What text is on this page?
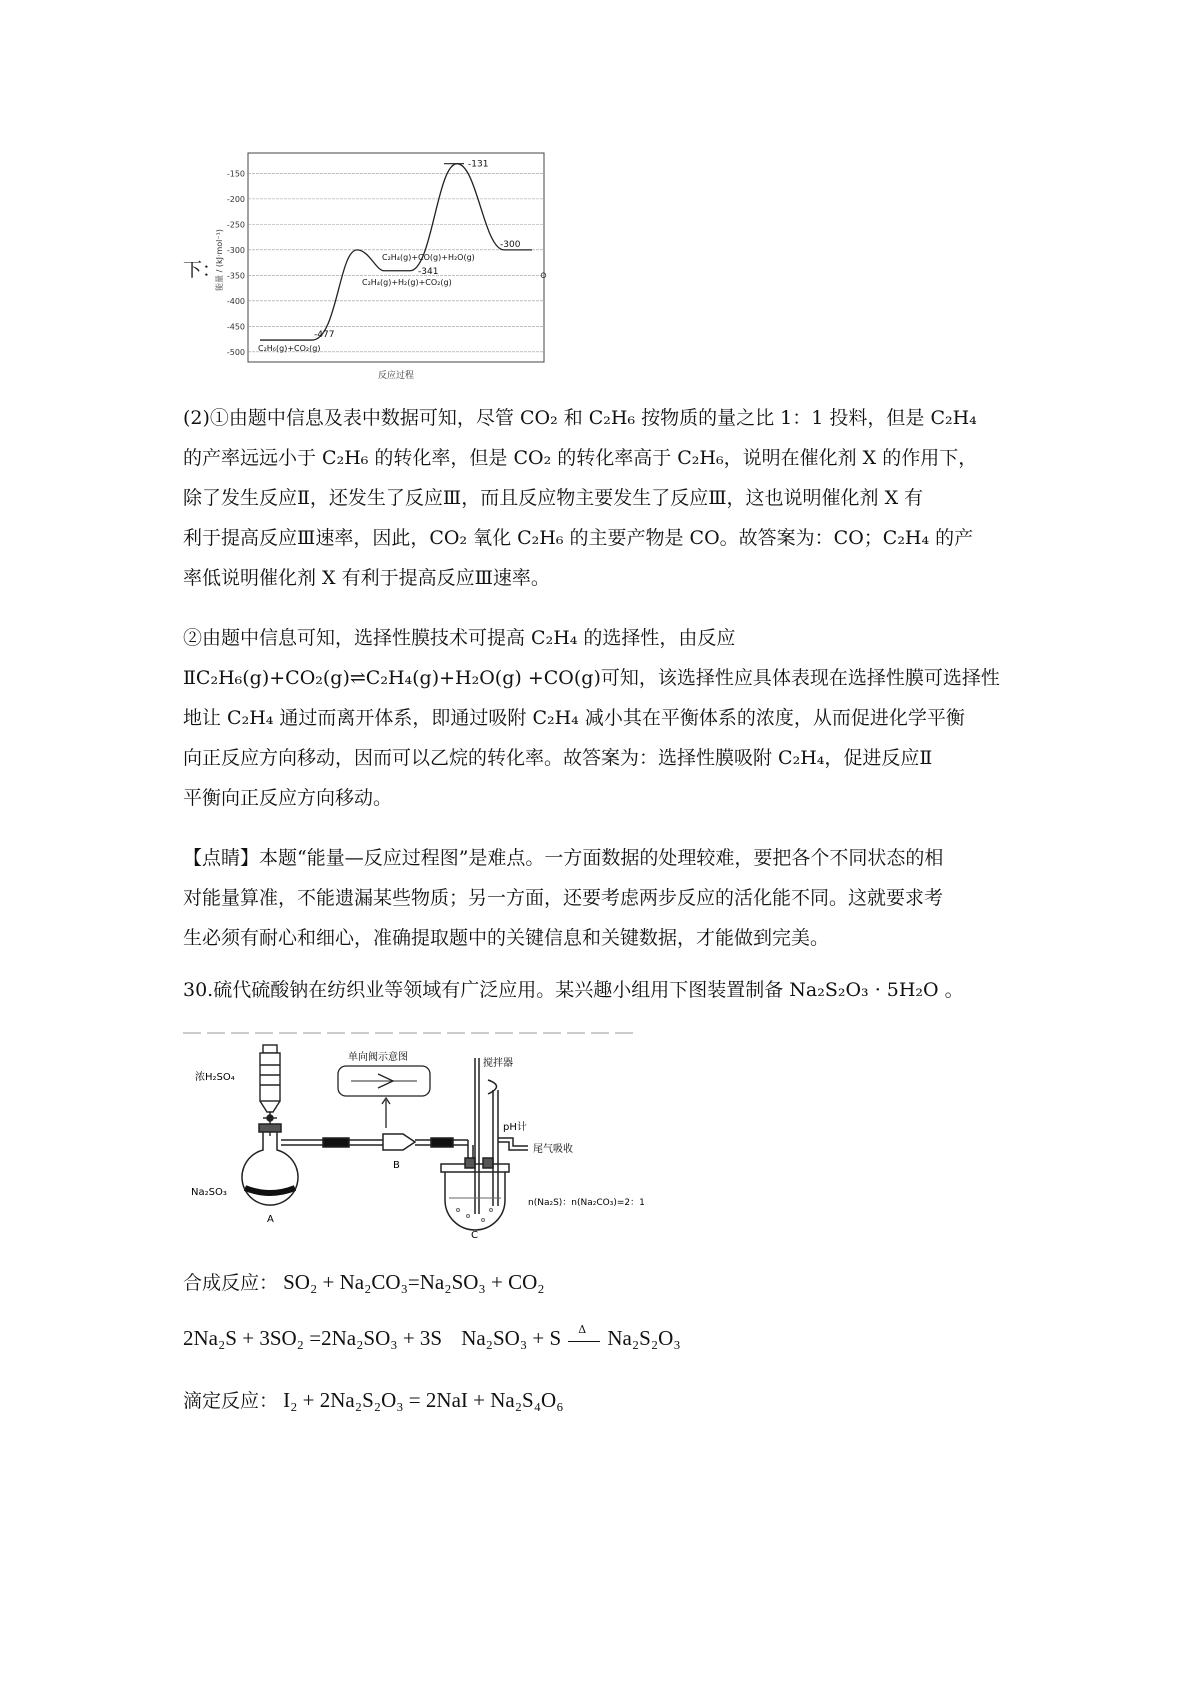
下：
-150
-200
-250
-300
-350
-400
-450
-500
能量 / (kJ·mol⁻¹)
反应过程
-477
C₂H₆(g)+CO₂(g)
-341
C₂H₄(g)+H₂(g)+CO₂(g)
-300
C₂H₄(g)+CO(g)+H₂O(g)
-131
。
(2)①由题中信息及表中数据可知，尽管 CO₂ 和 C₂H₆ 按物质的量之比 1：1 投料，但是 C₂H₄
的产率远远小于 C₂H₆ 的转化率，但是 CO₂ 的转化率高于 C₂H₆，说明在催化剂 X 的作用下，
除了发生反应Ⅱ，还发生了反应Ⅲ，而且反应物主要发生了反应Ⅲ，这也说明催化剂 X 有
利于提高反应Ⅲ速率，因此，CO₂ 氧化 C₂H₆ 的主要产物是 CO。故答案为：CO；C₂H₄ 的产
率低说明催化剂 X 有利于提高反应Ⅲ速率。
②由题中信息可知，选择性膜技术可提高 C₂H₄ 的选择性，由反应
ⅡC₂H₆(g)+CO₂(g)⇌C₂H₄(g)+H₂O(g) +CO(g)可知，该选择性应具体表现在选择性膜可选择性
地让 C₂H₄ 通过而离开体系，即通过吸附 C₂H₄ 减小其在平衡体系的浓度，从而促进化学平衡
向正反应方向移动，因而可以乙烷的转化率。故答案为：选择性膜吸附 C₂H₄，促进反应Ⅱ
平衡向正反应方向移动。
【点睛】本题“能量—反应过程图”是难点。一方面数据的处理较难，要把各个不同状态的相
对能量算准，不能遗漏某些物质；另一方面，还要考虑两步反应的活化能不同。这就要求考
生必须有耐心和细心，准确提取题中的关键信息和关键数据，才能做到完美。
30.硫代硫酸钠在纺织业等领域有广泛应用。某兴趣小组用下图装置制备 Na₂S₂O₃ · 5H₂O 。
浓H₂SO₄
Na₂SO₃
A
B
C
单向阀示意图
搅拌器
pH计
尾气吸收
n(Na₂S)：n(Na₂CO₃)=2：1
合成反应： SO₂ + Na₂CO₃=Na₂SO₃ + CO₂
2Na₂S + 3SO₂ =2Na₂SO₃ + 3S Na₂SO₃ + S Δ Na₂S₂O₃
滴定反应： I₂ + 2Na₂S₂O₃ = 2NaI + Na₂S₄O₆
